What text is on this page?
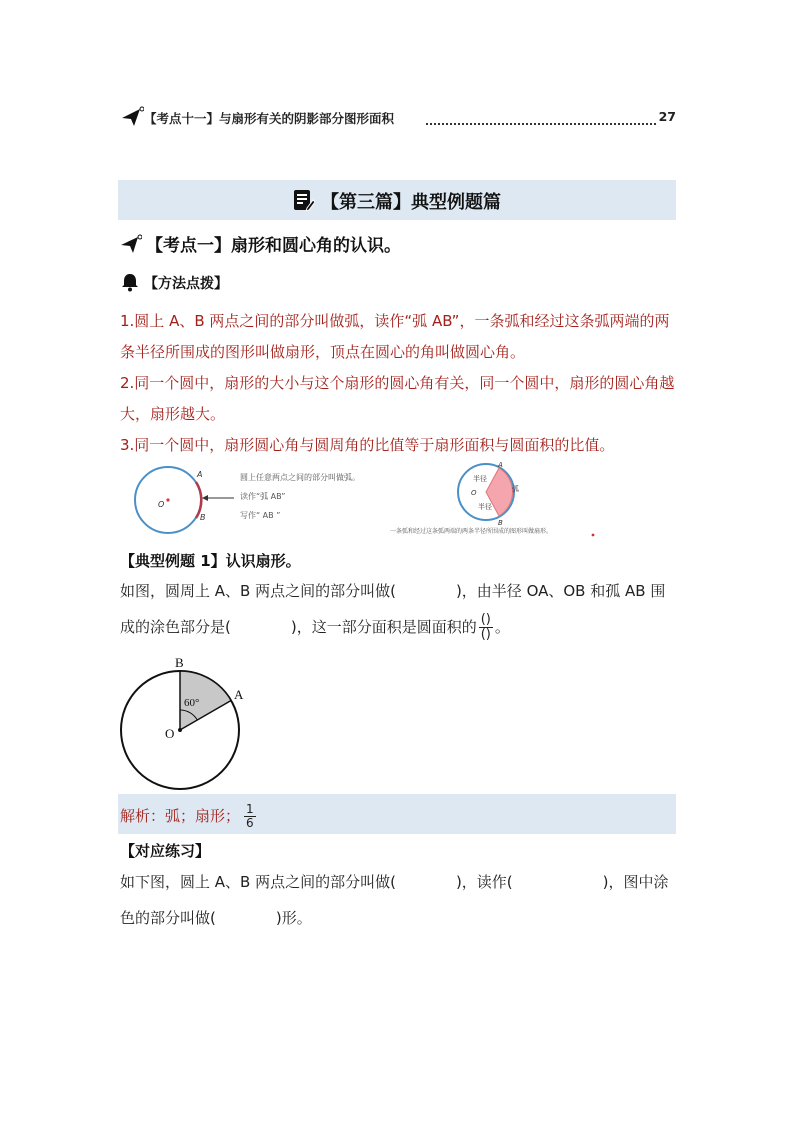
【考点十一】与扇形有关的阴影部分图形面积	27
【第三篇】典型例题篇
【考点一】扇形和圆心角的认识。
【方法点拨】
1.圆上 A、B 两点之间的部分叫做弧，读作“弧 AB”，一条弧和经过这条弧两端的两条半径所围成的图形叫做扇形，顶点在圆心的角叫做圆心角。
2.同一个圆中，扇形的大小与这个扇形的圆心角有关，同一个圆中，扇形的圆心角越大，扇形越大。
3.同一个圆中，扇形圆心角与圆周角的比值等于扇形面积与圆面积的比值。
O
A
B
圆上任意两点之间的部分叫做弧。
读作“弧 AB”
写作“ AB ”
O
A
B
半径
半径
弧
一条弧和经过这条弧两端的两条半径所围成的图形叫做扇形。
【典型例题 1】认识扇形。
如图，圆周上 A、B 两点之间的部分叫做(　　　　)，由半径 OA、OB 和孤 AB 围成的涂色部分是(　　　　)，这一部分面积是圆面积的 $\frac{()}{()}$ 。
B
A
O
60°
解析：弧；扇形； $\frac{1}{6}$
【对应练习】
如下图，圆上 A、B 两点之间的部分叫做(　　　　)，读作(　　　　　　)，图中涂色的部分叫做(　　　　)形。
